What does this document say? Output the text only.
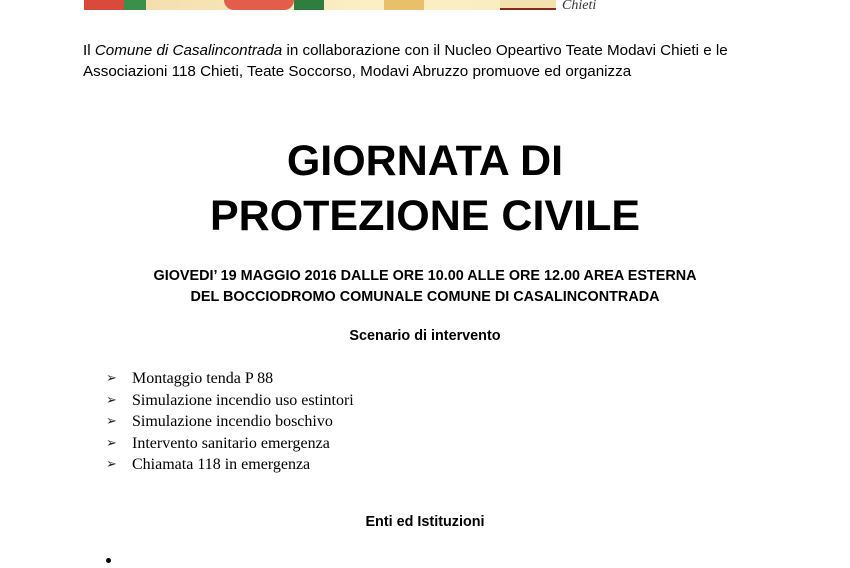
Chieti
Il Comune di Casalincontrada in collaborazione con il Nucleo Opeartivo Teate Modavi Chieti e le Associazioni 118 Chieti, Teate Soccorso, Modavi Abruzzo promuove ed organizza
GIORNATA DI
PROTEZIONE CIVILE
GIOVEDI’ 19 MAGGIO 2016 DALLE ORE 10.00 ALLE ORE 12.00 AREA ESTERNA
DEL BOCCIODROMO COMUNALE COMUNE DI CASALINCONTRADA
Scenario di intervento
➢ Montaggio tenda P 88
➢ Simulazione incendio uso estintori
➢ Simulazione incendio boschivo
➢ Intervento sanitario emergenza
➢ Chiamata 118 in emergenza
Enti ed Istituzioni
